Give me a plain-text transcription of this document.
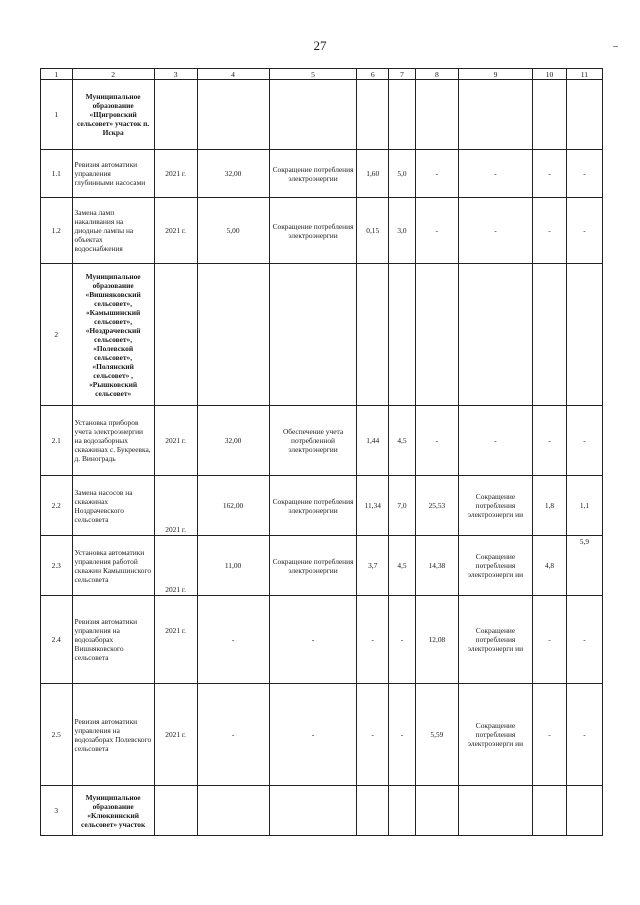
27
1	2	3	4	5	6	7	8	9	10	11
1	Муниципальное образование «Щигровский сельсовет» участок п. Искра									
1.1	Ревизия автоматики управления глубинными насосами	2021 г.	32,00	Сокращение потребления электроэнергии	1,60	5,0	-	-	-	-
1.2	Замена ламп накаливания на диодные лампы на объектах водоснабжения	2021 г.	5,00	Сокращение потребления электроэнергии	0,15	3,0	-	-	-	-
2	Муниципальное образование «Вишняковский сельсовет», «Камышинский сельсовет», «Ноздрачевский сельсовет», «Полевской сельсовет», «Полянский сельсовет» , «Рышковский сельсовет»									
2.1	Установка приборов учета электроэнергии на водозаборных скважинах с. Букреевка, д. Виноградь	2021 г.	32,00	Обеспечение учета потребленной электроэнергии	1,44	4,5	-	-	-	-
2.2	Замена насосов на скважинах Ноздрачевского сельсовета	2021 г.	162,00	Сокращение потребления электроэнергии	11,34	7,0	25,53	Сокращение потребления электроэнерги ии	1,8	1,1
2.3	Установка автоматики управления работой скважин Камышинского сельсовета	2021 г.	11,00	Сокращение потребления электроэнергии	3,7	4,5	14,38	Сокращение потребления электроэнерги ии	4,8	5,9
2.4	Ревизия автоматики управления на водозаборах Вишняковского сельсовета	2021 г.	-	-	-	-	12,08	Сокращение потребления электроэнерги ии	-	-
2.5	Ревизия автоматики управления на водозаборах Полевского сельсовета	2021 г.	-	-	-	-	5,59	Сокращение потребления электроэнерги ии	-	-
3	Муниципальное образование «Клюквинский сельсовет» участок									
